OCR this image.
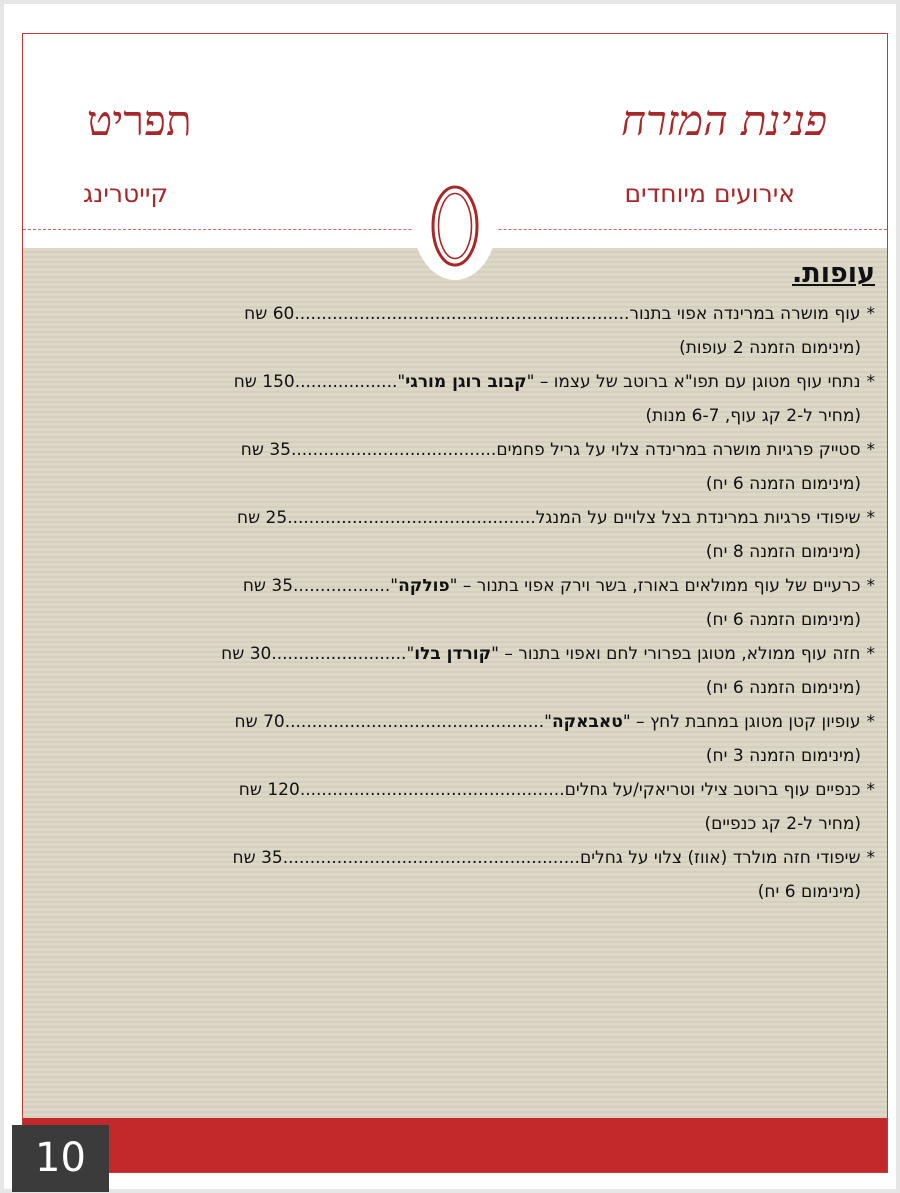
פנינת המזרח
תפריט
אירועים מיוחדים
קייטרינג
עופות.
*
עוף מושרה במרינדה אפוי בתנור
..............................................................
60 שח
(מינימום הזמנה 2 עופות)
*
נתחי עוף מטוגן עם תפו"א ברוטב של עצמו – "
קבוב רוגן מורגי
"
...................
150 שח
(מחיר ל-2 קג עוף, 6-7 מנות)
*
סטייק פרגיות מושרה במרינדה צלוי על גריל פחמים
......................................
35 שח
(מינימום הזמנה 6 יח)
*
שיפודי פרגיות במרינדת בצל צלויים על המנגל
..............................................
25 שח
(מינימום הזמנה 8 יח)
*
כרעיים של עוף ממולאים באורז, בשר וירק אפוי בתנור – "
פולקה
"
..................
35 שח
(מינימום הזמנה 6 יח)
*
חזה עוף ממולא, מטוגן בפרורי לחם ואפוי בתנור – "
קורדן בלו
"
.........................
30 שח
(מינימום הזמנה 6 יח)
*
עופיון קטן מטוגן במחבת לחץ – "
טאבאקה
"
................................................
70 שח
(מינימום הזמנה 3 יח)
*
כנפיים עוף ברוטב צילי וטריאקי/על גחלים
.................................................
120 שח
(מחיר ל-2 קג כנפיים)
*
שיפודי חזה מולרד (אווז) צלוי על גחלים
.......................................................
35 שח
(מינימום 6 יח)
10
